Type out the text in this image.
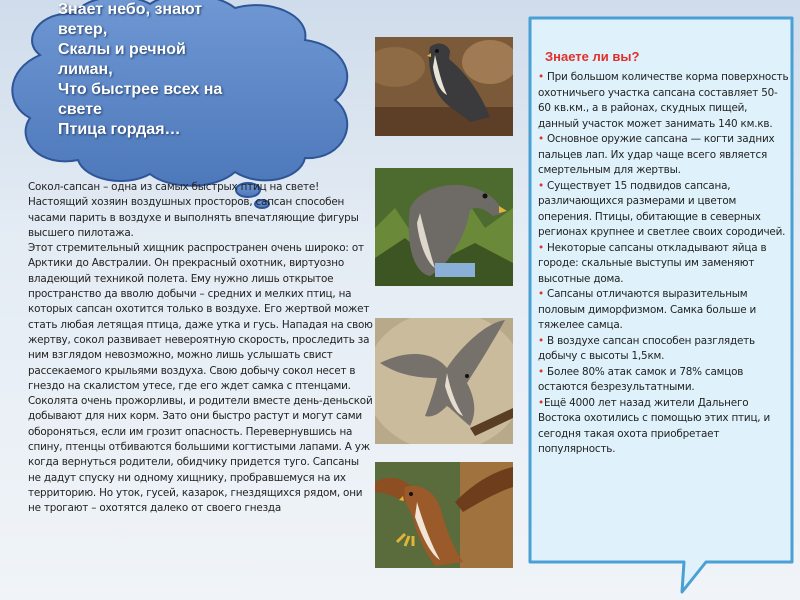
Знает небо, знают
ветер,
Скалы и речной
лиман,
Что быстрее всех на
свете
Птица гордая…

Сокол-сапсан – одна из самых быстрых птиц на свете! Настоящий хозяин воздушных просторов, сапсан способен часами парить в воздухе и выполнять впечатляющие фигуры высшего пилотажа.

Этот стремительный хищник распространен очень широко: от Арктики до Австралии. Он прекрасный охотник, виртуозно владеющий техникой полета. Ему нужно лишь открытое пространство да вволю добычи – средних и мелких птиц, на которых сапсан охотится только в воздухе. Его жертвой может стать любая летящая птица, даже утка и гусь. Нападая на свою жертву, сокол развивает невероятную скорость, проследить за ним взглядом невозможно, можно лишь услышать свист рассекаемого крыльями воздуха. Свою добычу сокол несет в гнездо на скалистом утесе, где его ждет самка с птенцами.

Соколята очень прожорливы, и родители вместе день-деньской добывают для них корм. Зато они быстро растут и могут сами обороняться, если им грозит опасность. Перевернувшись на спину, птенцы отбиваются большими когтистыми лапами. А уж когда вернуться родители, обидчику придется туго. Сапсаны не дадут спуску ни одному хищнику, пробравшемуся на их территорию. Но уток, гусей, казарок, гнездящихся рядом, они не трогают – охотятся далеко от своего гнезда

Знаете ли вы?

• При большом количестве корма поверхность охотничьего участка сапсана составляет 50-60 кв.км., а в районах, скудных пищей, данный участок может занимать 140 км.кв.

• Основное оружие сапсана — когти задних пальцев лап. Их удар чаще всего является смертельным для жертвы.

• Существует 15 подвидов сапсана, различающихся размерами и цветом оперения. Птицы, обитающие в северных регионах крупнее и светлее своих сородичей.

• Некоторые сапсаны откладывают яйца в городе: скальные выступы им заменяют высотные дома.

• Сапсаны отличаются выразительным половым диморфизмом. Самка больше и тяжелее самца.

• В воздухе сапсан способен разглядеть добычу с высоты 1,5км.

• Более 80% атак самок и 78% самцов остаются безрезультатными.

•Ещё 4000 лет назад жители Дальнего Востока охотились с помощью этих птиц, и сегодня такая охота приобретает популярность.
